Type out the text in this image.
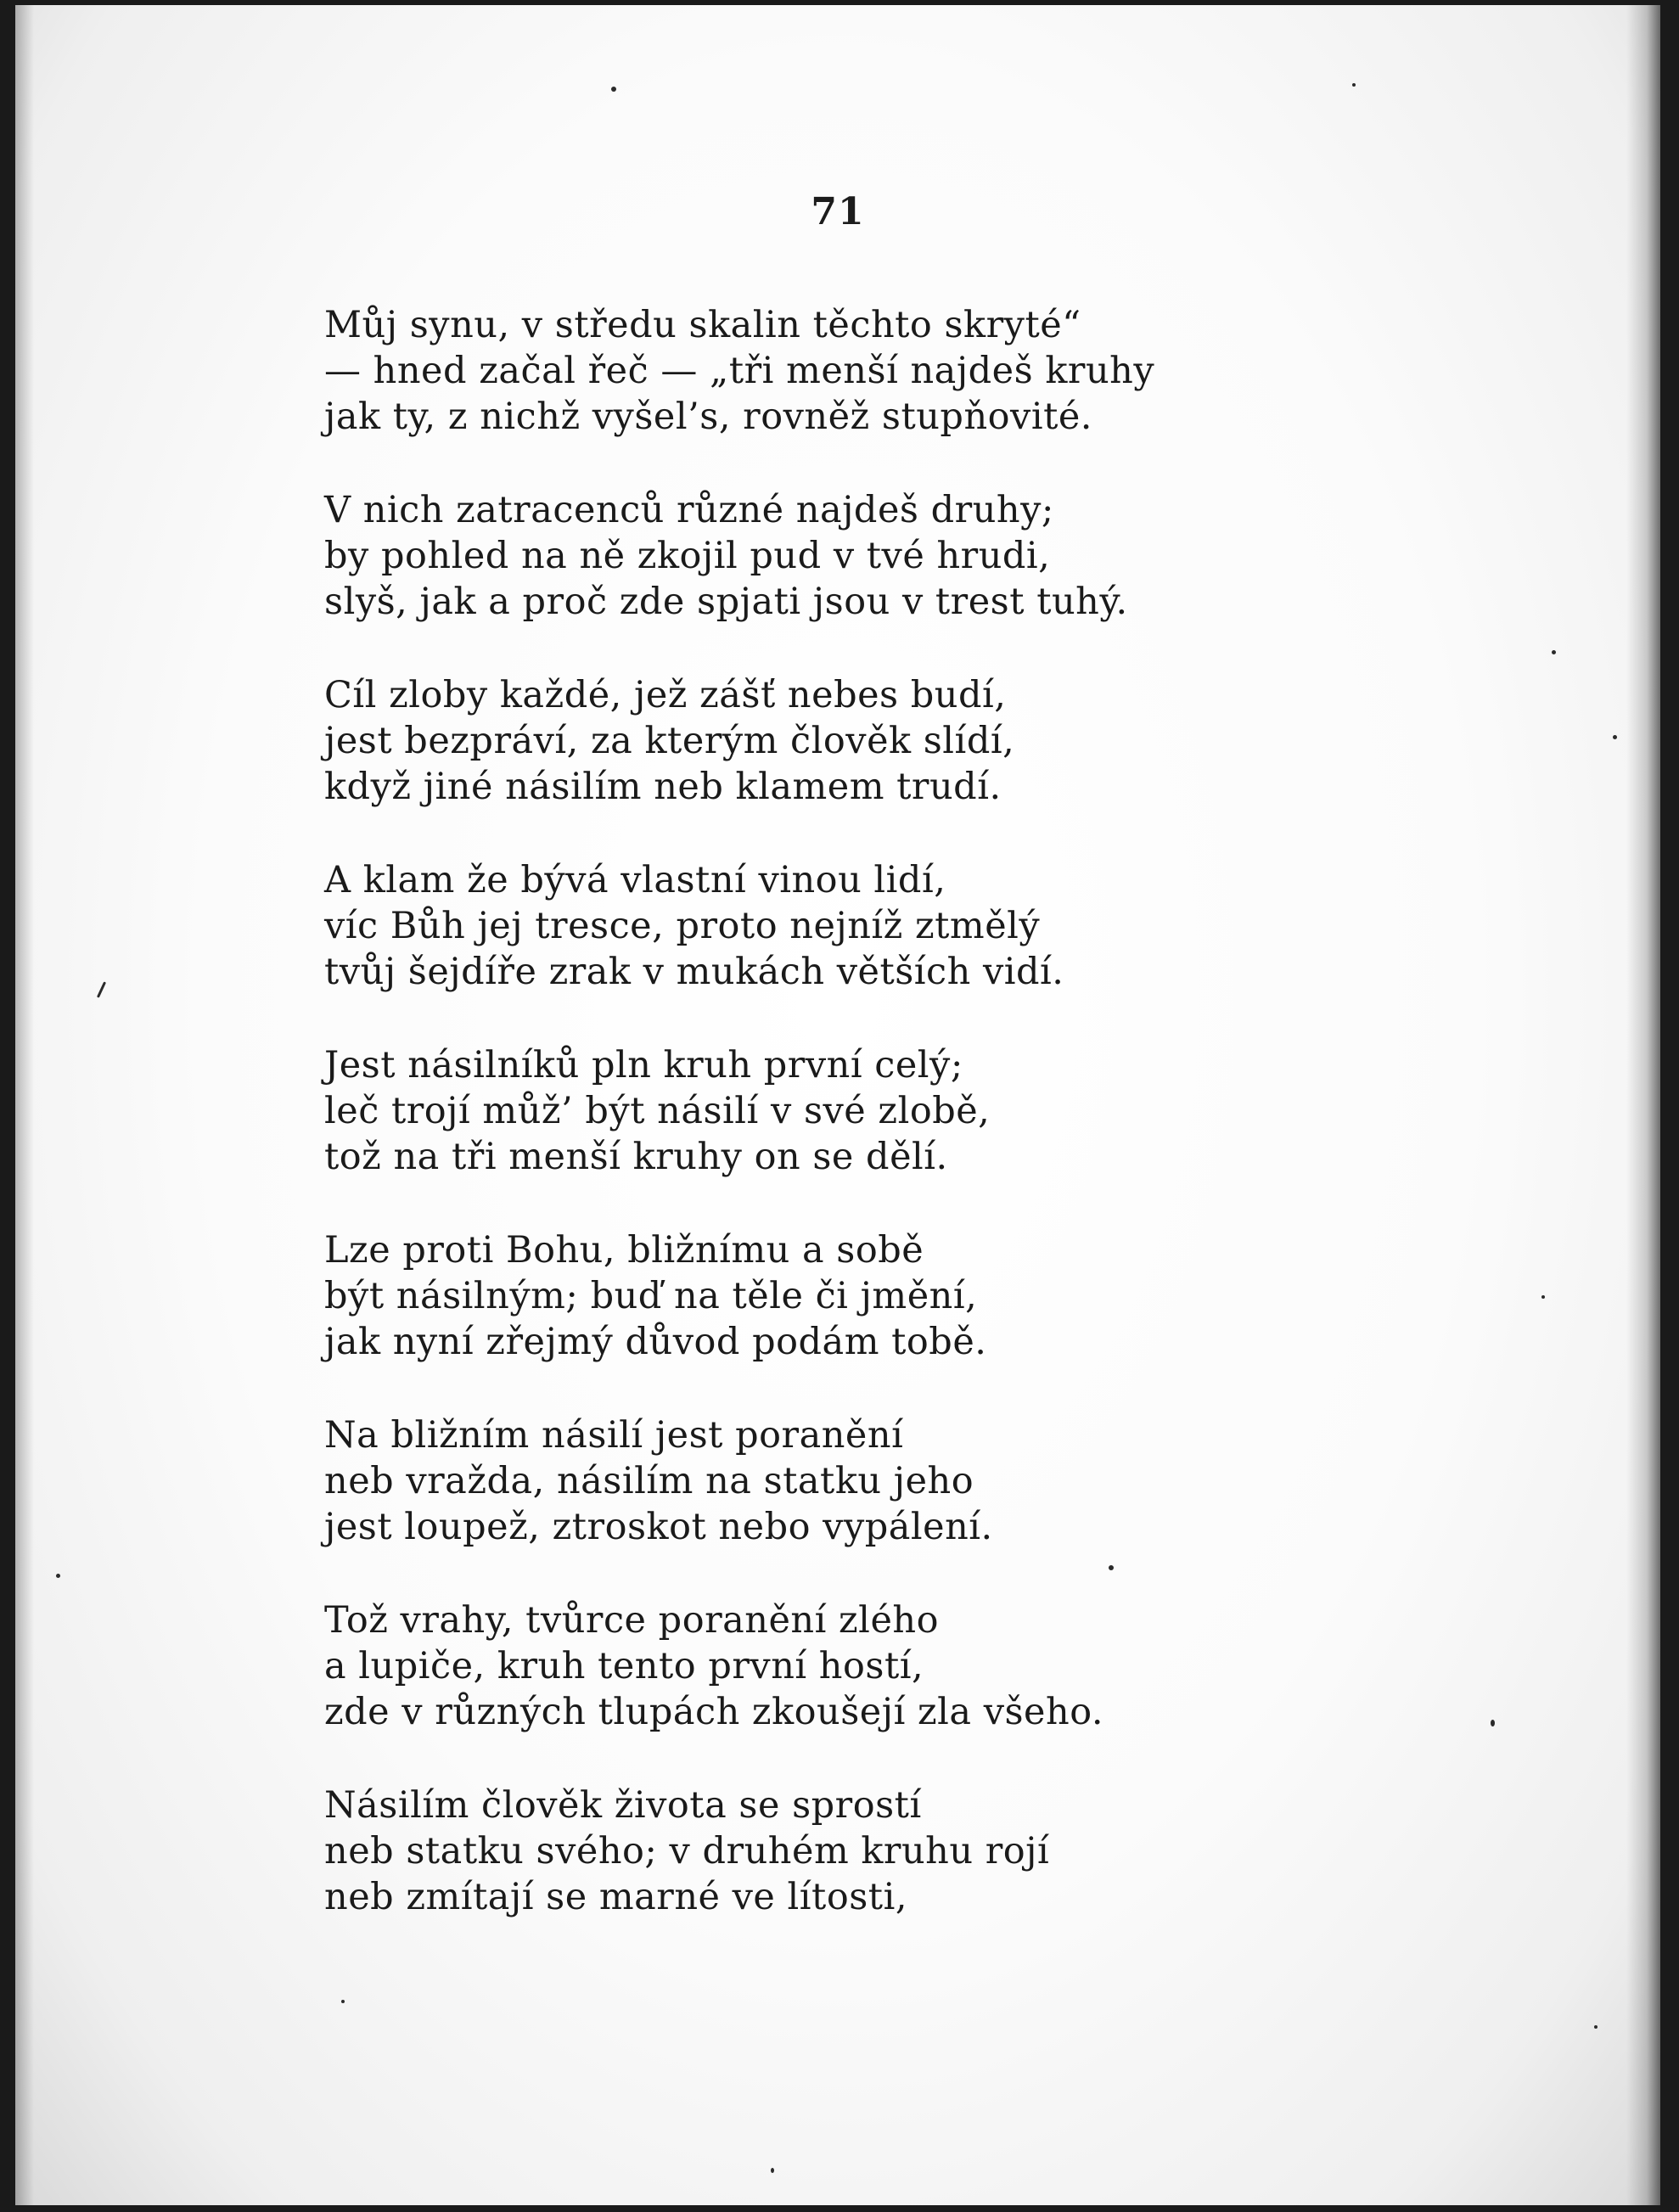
71
Můj synu, v středu skalin těchto skryté“
— hned začal řeč — „tři menší najdeš kruhy
jak ty, z nichž vyšel’s, rovněž stupňovité.
V nich zatracenců různé najdeš druhy;
by pohled na ně zkojil pud v tvé hrudi,
slyš, jak a proč zde spjati jsou v trest tuhý.
Cíl zloby každé, jež zášť nebes budí,
jest bezpráví, za kterým člověk slídí,
když jiné násilím neb klamem trudí.
A klam že bývá vlastní vinou lidí,
víc Bůh jej tresce, proto nejníž ztmělý
tvůj šejdíře zrak v mukách větších vidí.
Jest násilníků pln kruh první celý;
leč trojí můž’ být násilí v své zlobě,
tož na tři menší kruhy on se dělí.
Lze proti Bohu, bližnímu a sobě
být násilným; buď na těle či jmění,
jak nyní zřejmý důvod podám tobě.
Na bližním násilí jest poranění
neb vražda, násilím na statku jeho
jest loupež, ztroskot nebo vypálení.
Tož vrahy, tvůrce poranění zlého
a lupiče, kruh tento první hostí,
zde v různých tlupách zkoušejí zla všeho.
Násilím člověk života se sprostí
neb statku svého; v druhém kruhu rojí
neb zmítají se marné ve lítosti,
